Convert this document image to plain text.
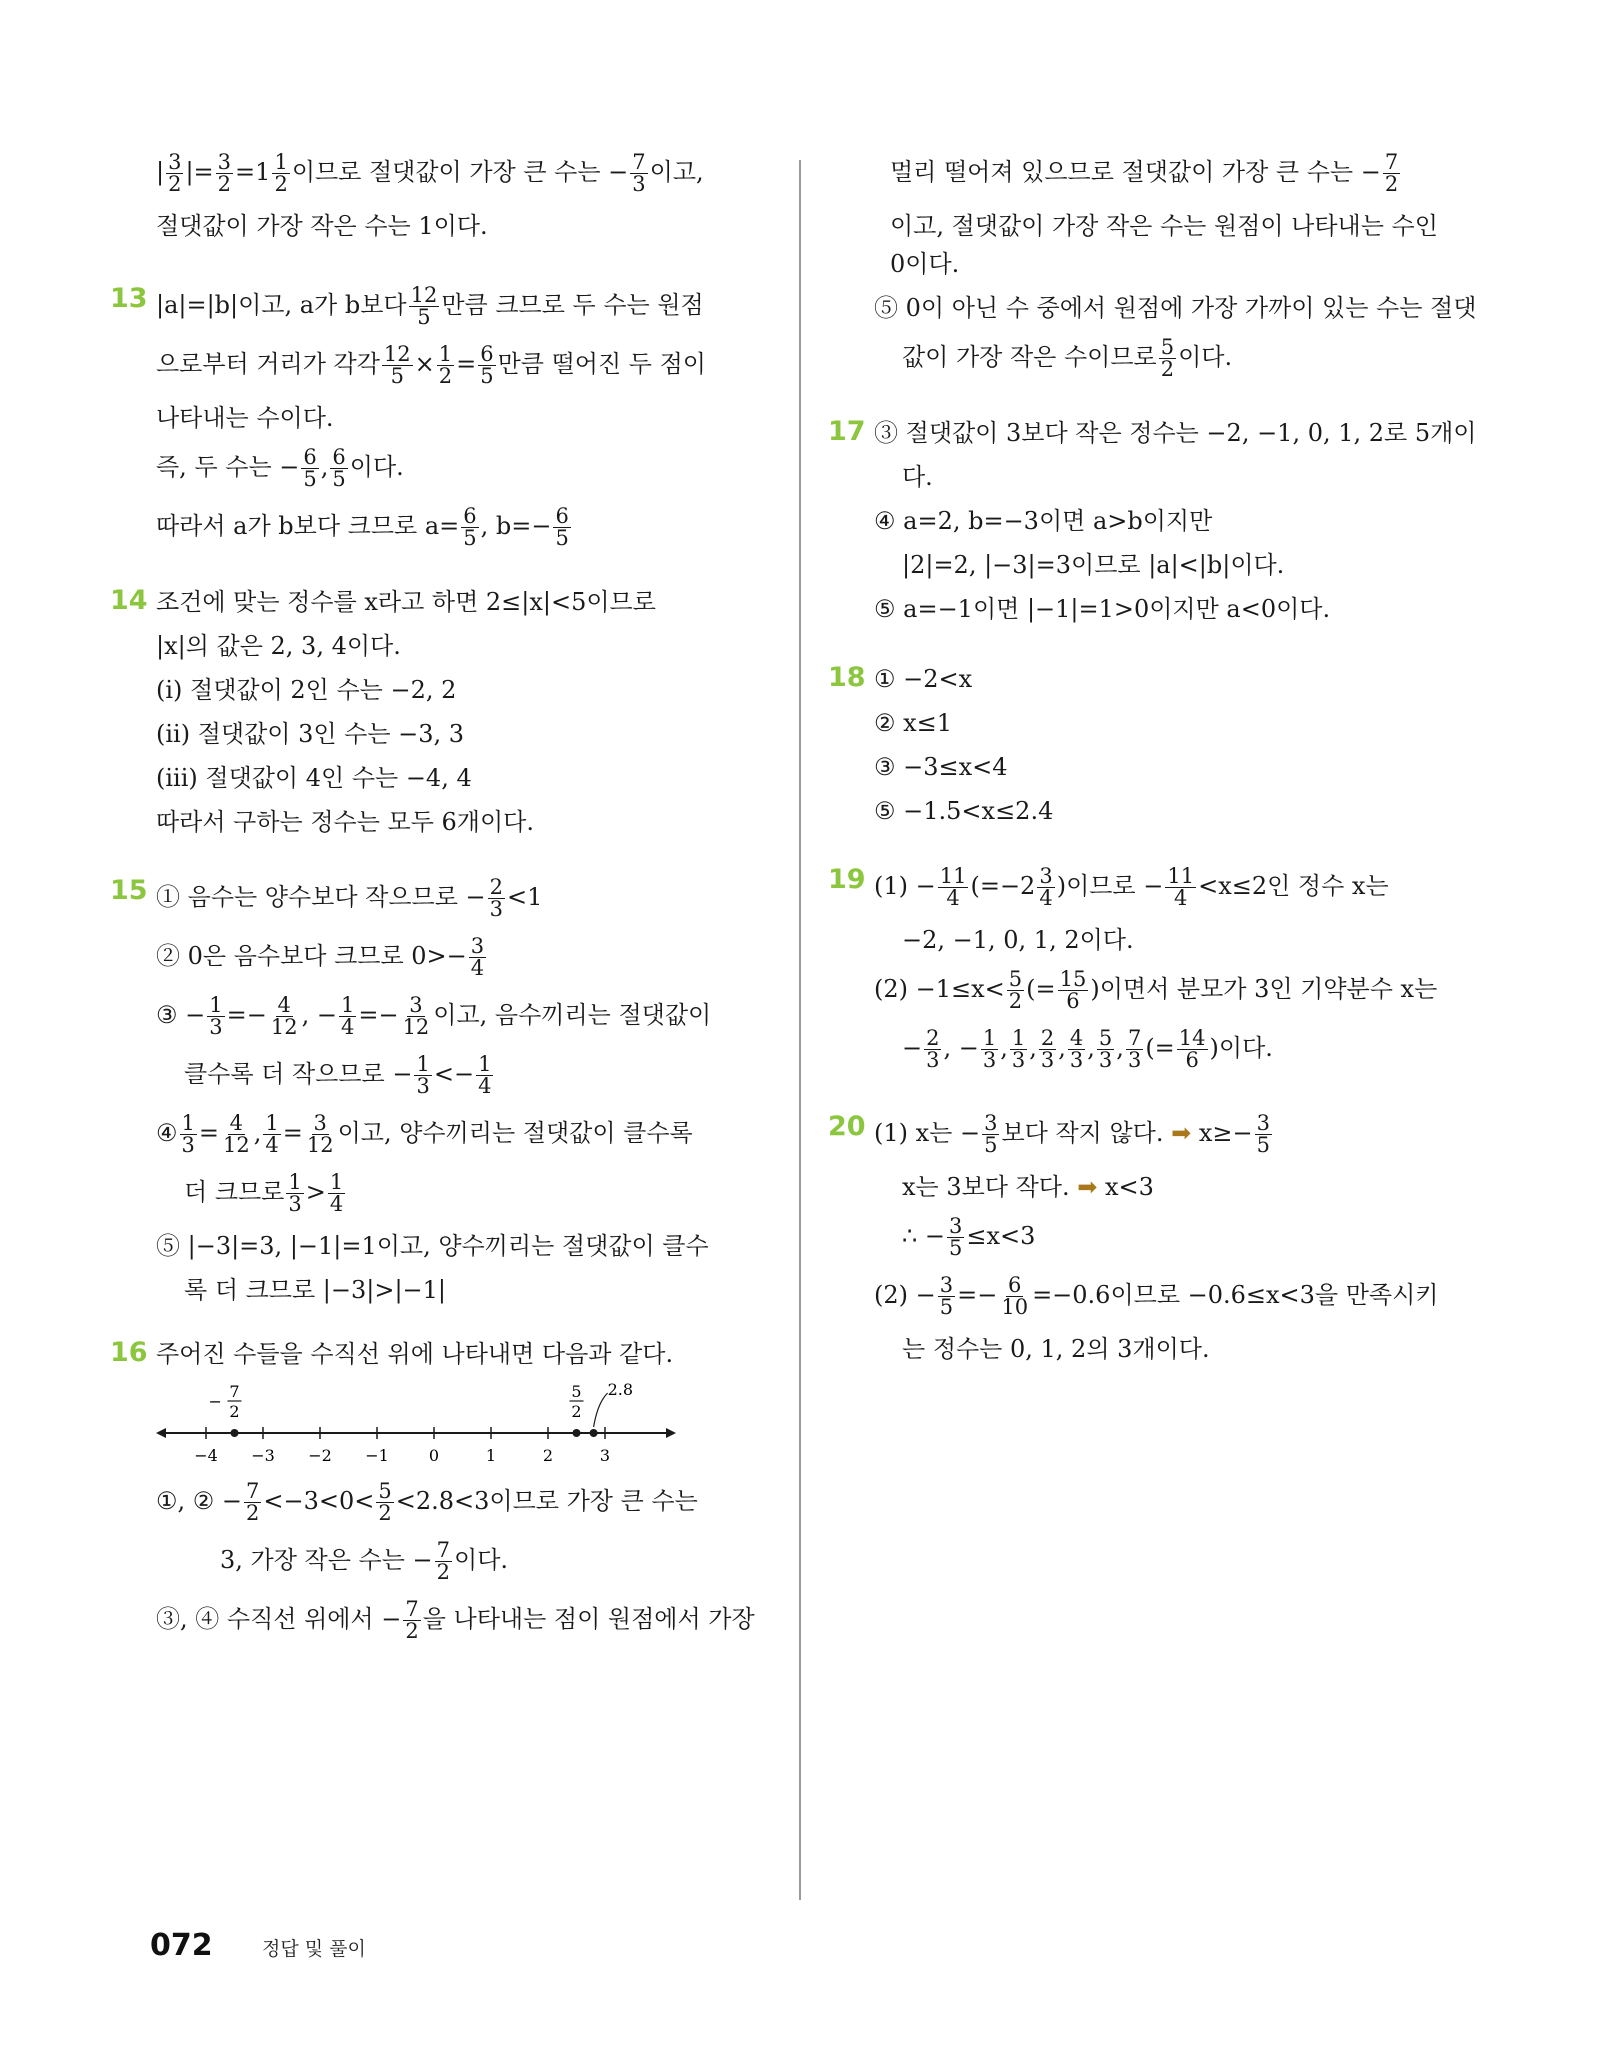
| $\frac{3}{2}$ |= $\frac{3}{2} =1 \frac{1}{2}$ 이므로 절댓값이 가장 큰 수는 − $\frac{7}{3}$ 이고,
절댓값이 가장 작은 수는 1이다.
13 |a|=|b|이고, a가 b보다 $\frac{12}{5}$ 만큼 크므로 두 수는 원점
으로부터 거리가 각각 $\frac{12}{5} \times \frac{1}{2} = \frac{6}{5}$ 만큼 떨어진 두 점이
나타내는 수이다.
즉, 두 수는 − $\frac{6}{5}$ , $\frac{6}{5}$ 이다.
따라서 a가 b보다 크므로 $a= \frac{6}{5}$ , $b=- \frac{6}{5}$
14 조건에 맞는 정수를 x라고 하면 2≤|x|<5이므로
|x|의 값은 2, 3, 4이다.
(i) 절댓값이 2인 수는 −2, 2
(ii) 절댓값이 3인 수는 −3, 3
(iii) 절댓값이 4인 수는 −4, 4
따라서 구하는 정수는 모두 6개이다.
15 ① 음수는 양수보다 작으므로 − $\frac{2}{3} <1$
② 0은 음수보다 크므로 $0>- \frac{3}{4}$
③ − $\frac{1}{3} =- \frac{4}{12}$ , − $\frac{1}{4} =- \frac{3}{12}$ 이고, 음수끼리는 절댓값이
클수록 더 작으므로 − $\frac{1}{3} <- \frac{1}{4}$
④ $\frac{1}{3} = \frac{4}{12}$ , $\frac{1}{4} = \frac{3}{12}$ 이고, 양수끼리는 절댓값이 클수록
더 크므로 $\frac{1}{3} > \frac{1}{4}$
⑤ |−3|=3, |−1|=1이고, 양수끼리는 절댓값이 클수
록 더 크므로 |−3|>|−1|
16 주어진 수들을 수직선 위에 나타내면 다음과 같다.
−4 −3 −2 −1	0	1	2	3
−
7
2
5
2
2.8
①, ② − $\frac{7}{2} <-3<0< \frac{5}{2} <2.8<3$이므로 가장 큰 수는
3, 가장 작은 수는 − $\frac{7}{2}$ 이다.
③, ④ 수직선 위에서 − $\frac{7}{2}$ 을 나타내는 점이 원점에서 가장
멀리 떨어져 있으므로 절댓값이 가장 큰 수는 − $\frac{7}{2}$
이고, 절댓값이 가장 작은 수는 원점이 나타내는 수인
0이다.
⑤ 0이 아닌 수 중에서 원점에 가장 가까이 있는 수는 절댓
값이 가장 작은 수이므로 $\frac{5}{2}$ 이다.
17 ③ 절댓값이 3보다 작은 정수는 −2, −1, 0, 1, 2로 5개이
다.
④ a=2, b=−3이면 a>b이지만
|2|=2, |−3|=3이므로 |a|<|b|이다.
⑤ a=−1이면 |−1|=1>0이지만 a<0이다.
18 ① −2<x
② x≤1
③ −3≤x<4
⑤ −1.5<x≤2.4
19 $(1) - \frac{11}{4} (=-2 \frac{3}{4}$ )이므로 − $\frac{11}{4} <x\le 2$인 정수 x는
−2, −1, 0, 1, 2이다.
$(2) -1\le x< \frac{5}{2}$ (= $\frac{15}{6}$ )이면서 분모가 3인 기약분수 x는
− $\frac{2}{3}$ , − $\frac{1}{3}$ , $\frac{1}{3}$ , $\frac{2}{3}$ , $\frac{4}{3}$ , $\frac{5}{3}$ , $\frac{7}{3}$ (= $\frac{14}{6}$ )이다.
20 (1) x는 − $\frac{3}{5}$ 보다 작지 않다. ➡ $x\ge- \frac{3}{5}$
x는 3보다 작다. ➡ x<3
∴ − $\frac{3}{5} \le x<3$
$(2) - \frac{3}{5} =- \frac{6}{10} =-0.6$이므로 −0.6≤x<3을 만족시키
는 정수는 0, 1, 2의 3개이다.
072	정답 및 풀이
